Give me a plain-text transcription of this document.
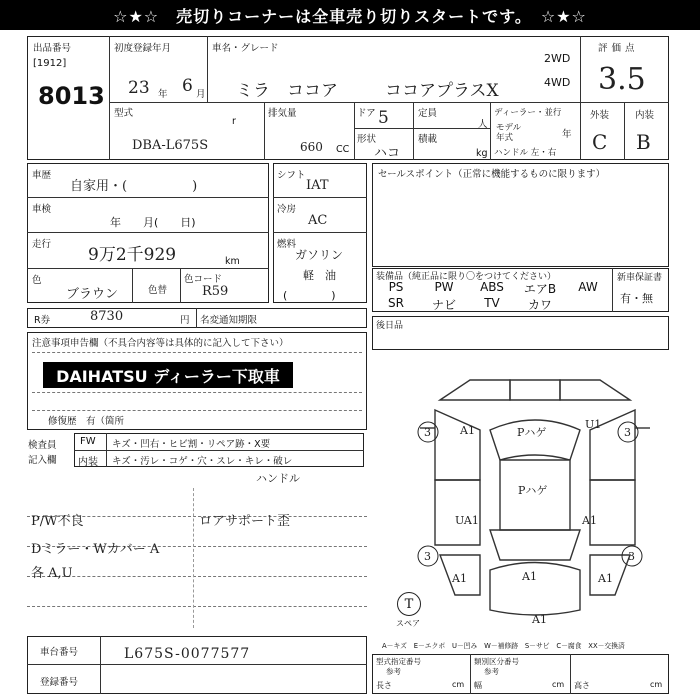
☆★☆　売切りコーナーは全車売り切りスタートです。　☆★☆
出品番号
[1912]
8013
初度登録年月
23 年 6 月
車名・グレード
ミラ　ココア	ココアプラスX
2WD
4WD
評価点
3.5
型式
r
DBA-L675S
排気量
660 CC
ドア 5
形状
ハコ
定員
人
積載
kg
ディーラー・並行
モデル
年式	年
ハンドル 左・右
外装	内装
C B
車歴
自家用・(　　　　　)
車検
年　　月(　　日)
走行
9万2千929	km
色
ブラウン	色替
色コード
R59
シフト
IAT
冷房
AC
燃料
ガソリン
軽　油
(　　　　)
セールスポイント（正常に機能するものに限ります）
装備品（純正品に限り〇をつけてください）	新車保証書
有・無
PS	PW	ABS	エアB	AW
SR	ナビ	TV	カワ
R券	8730	円 名変通知期限	後日品
注意事項申告欄（不具合内容等は具体的に記入して下さい）
DAIHATSU ディーラー下取車
修復歴　有（箇所
検査員
記入欄
FW キズ・凹右・ヒビ割・リペア跡・X要
内装 キズ・汚レ・コゲ・穴・スレ・キレ・破レ
ハンドル
P/W不良	ロアサポート歪
Dミラー・Wカバー A
各 A,U
3	A1	Pハゲ
U1
3
Pハゲ
UA1	A1
3	3
A1	A1
A1
A1
T
スペア
車台番号	L675S-0077577
登録番号
A－キズ　E－エクボ　U－凹み　W－補修跡　S－サビ　C－腐食　XX－交換済
型式指定番号
参考
類別区分番号
参考
長さ	cm 幅	cm 高さ	cm
